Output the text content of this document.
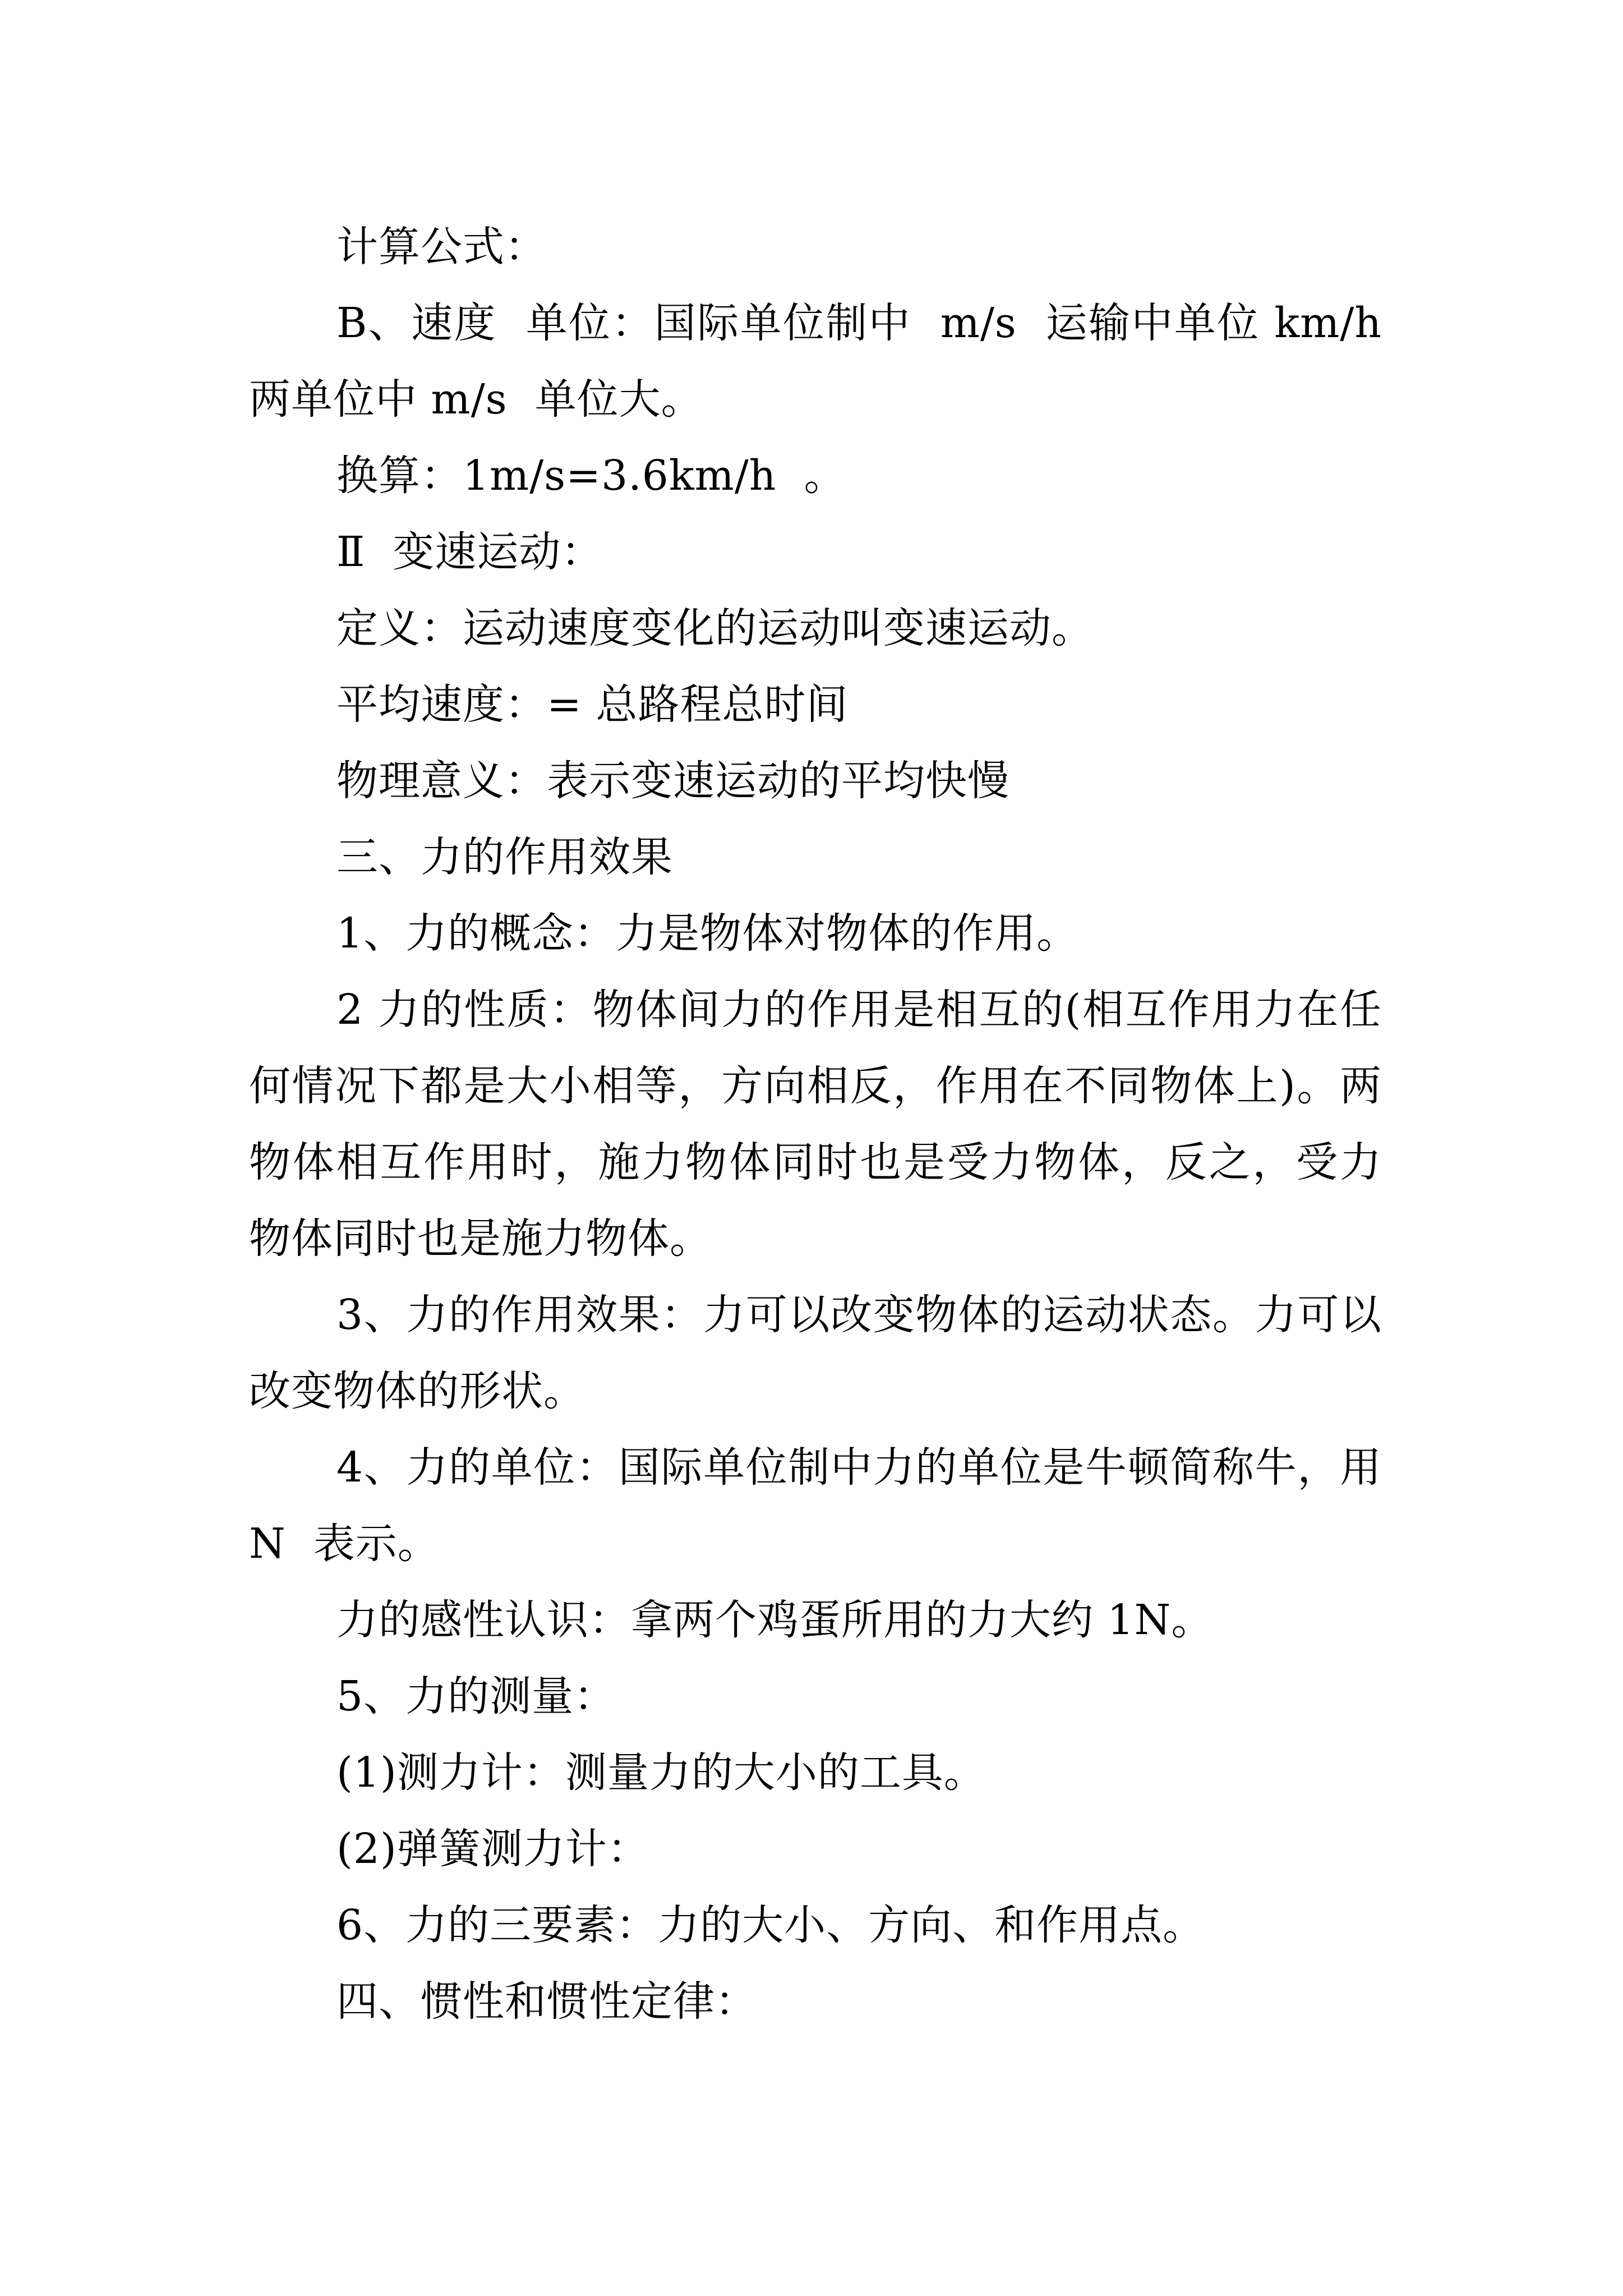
计算公式：

B、速度  单位：国际单位制中  m/s  运输中单位 km/h  两单位中 m/s  单位大。

换算：1m/s=3.6km/h  。

Ⅱ  变速运动：

定义：运动速度变化的运动叫变速运动。

平均速度：= 总路程总时间

物理意义：表示变速运动的平均快慢

三、力的作用效果

1、力的概念：力是物体对物体的作用。

2 力的性质：物体间力的作用是相互的(相互作用力在任何情况下都是大小相等，方向相反，作用在不同物体上)。两物体相互作用时，施力物体同时也是受力物体，反之，受力物体同时也是施力物体。

3、力的作用效果：力可以改变物体的运动状态。力可以改变物体的形状。

4、力的单位：国际单位制中力的单位是牛顿简称牛，用 N  表示。

力的感性认识：拿两个鸡蛋所用的力大约 1N。

5、力的测量：

(1)测力计：测量力的大小的工具。

(2)弹簧测力计：

6、力的三要素：力的大小、方向、和作用点。

四、惯性和惯性定律：
